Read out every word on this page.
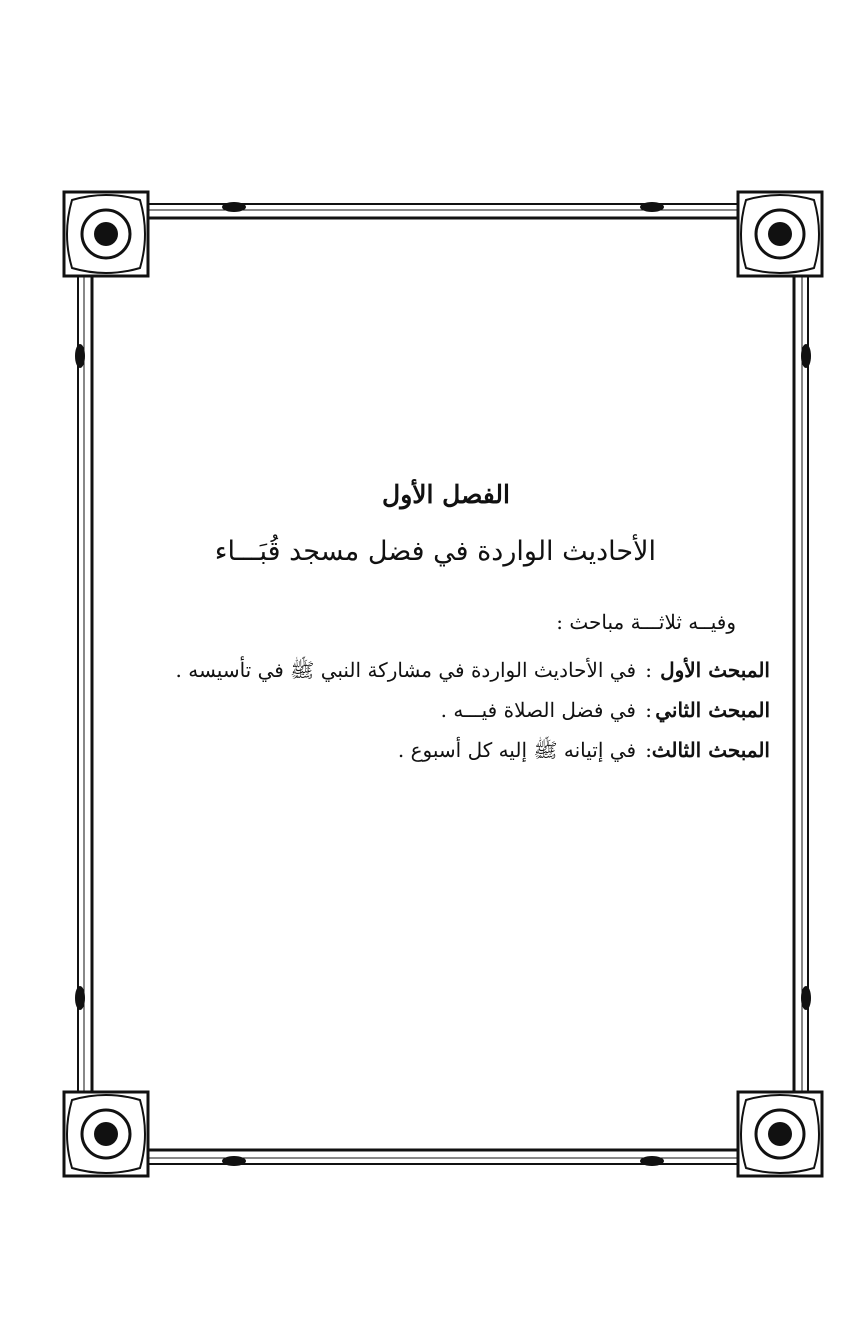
الفصل الأول
الأحاديث الواردة في فضل مسجد قُبَـــاء
وفيــه ثلاثـــة مباحث :
المبحث الأول
:
في الأحاديث الواردة في مشاركة النبي ﷺ في تأسيسه .
المبحث الثاني
:
في فضل الصلاة فيـــه .
المبحث الثالث
:
في إتيانه ﷺ إليه كل أسبوع .
